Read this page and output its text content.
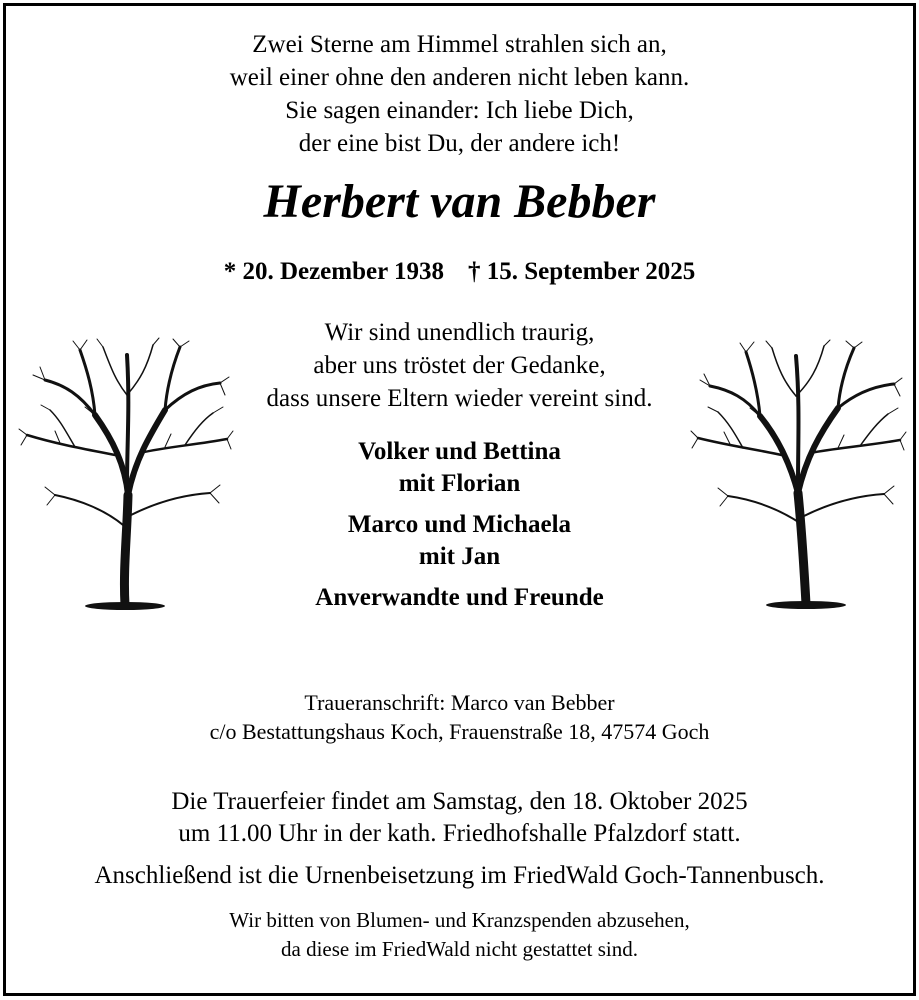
Zwei Sterne am Himmel strahlen sich an,
weil einer ohne den anderen nicht leben kann.
Sie sagen einander: Ich liebe Dich,
der eine bist Du, der andere ich!
Herbert van Bebber
* 20. Dezember 1938 † 15. September 2025
Wir sind unendlich traurig,
aber uns tröstet der Gedanke,
dass unsere Eltern wieder vereint sind.
Volker und Bettina
mit Florian
Marco und Michaela
mit Jan
Anverwandte und Freunde
Traueranschrift: Marco van Bebber
c/o Bestattungshaus Koch, Frauenstraße 18, 47574 Goch
Die Trauerfeier findet am Samstag, den 18. Oktober 2025
um 11.00 Uhr in der kath. Friedhofshalle Pfalzdorf statt.
Anschließend ist die Urnenbeisetzung im FriedWald Goch-Tannenbusch.
Wir bitten von Blumen- und Kranzspenden abzusehen,
da diese im FriedWald nicht gestattet sind.
